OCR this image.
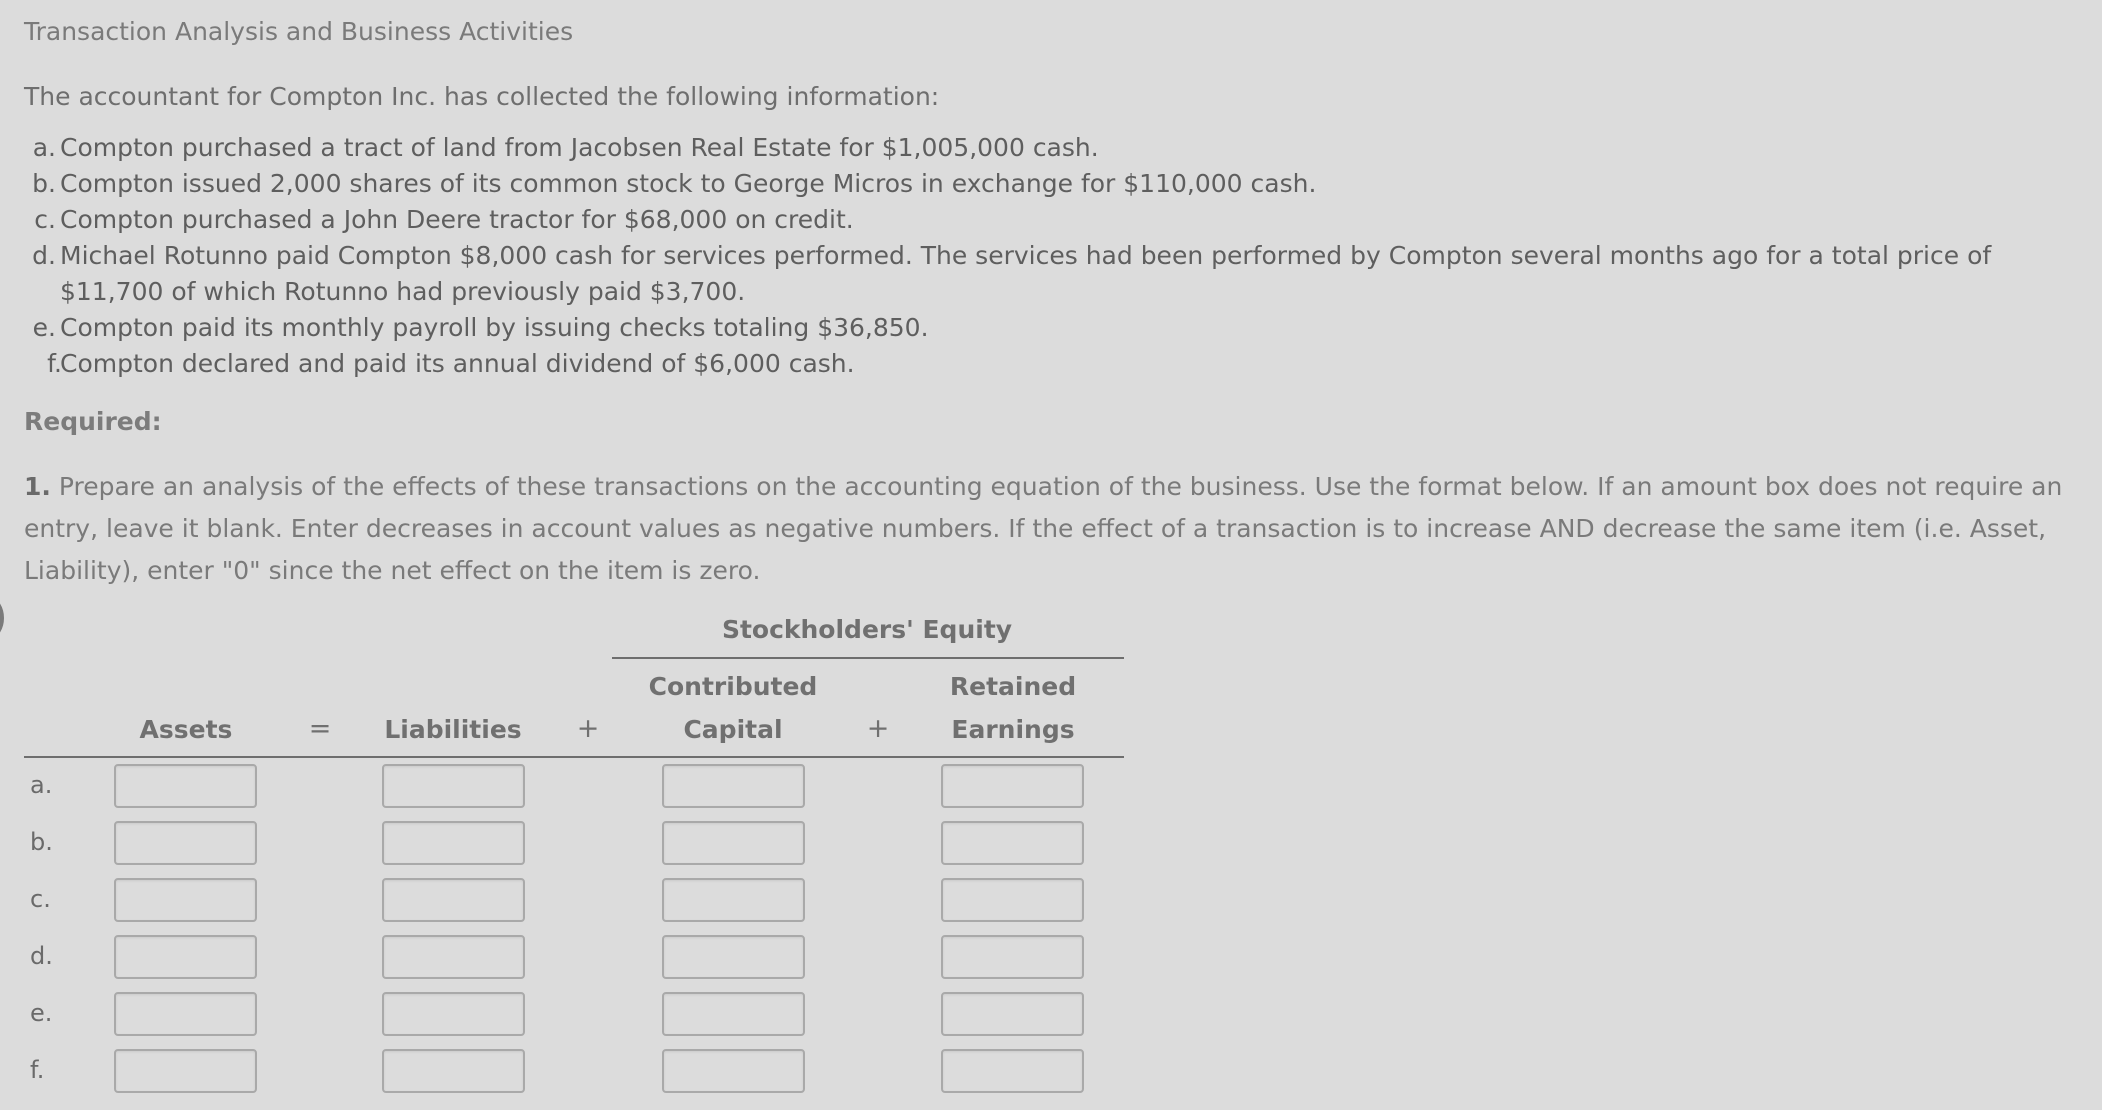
Transaction Analysis and Business Activities
The accountant for Compton Inc. has collected the following information:
a. Compton purchased a tract of land from Jacobsen Real Estate for $1,005,000 cash.
b. Compton issued 2,000 shares of its common stock to George Micros in exchange for $110,000 cash.
c. Compton purchased a John Deere tractor for $68,000 on credit.
d. Michael Rotunno paid Compton $8,000 cash for services performed. The services had been performed by Compton several months ago for a total price of $11,700 of which Rotunno had previously paid $3,700.
e. Compton paid its monthly payroll by issuing checks totaling $36,850.
f.
Compton declared and paid its annual dividend of $6,000 cash.
Required:
1. Prepare an analysis of the effects of these transactions on the accounting equation of the business. Use the format below. If an amount box does not require an entry, leave it blank. Enter decreases in account values as negative numbers. If the effect of a transaction is to increase AND decrease the same item (i.e. Asset, Liability), enter "0" since the net effect on the item is zero.
Stockholders' Equity
Contributed	Retained
Assets	=	Liabilities	+	Capital	+	Earnings
a.
b.
c.
d.
e.
f.
